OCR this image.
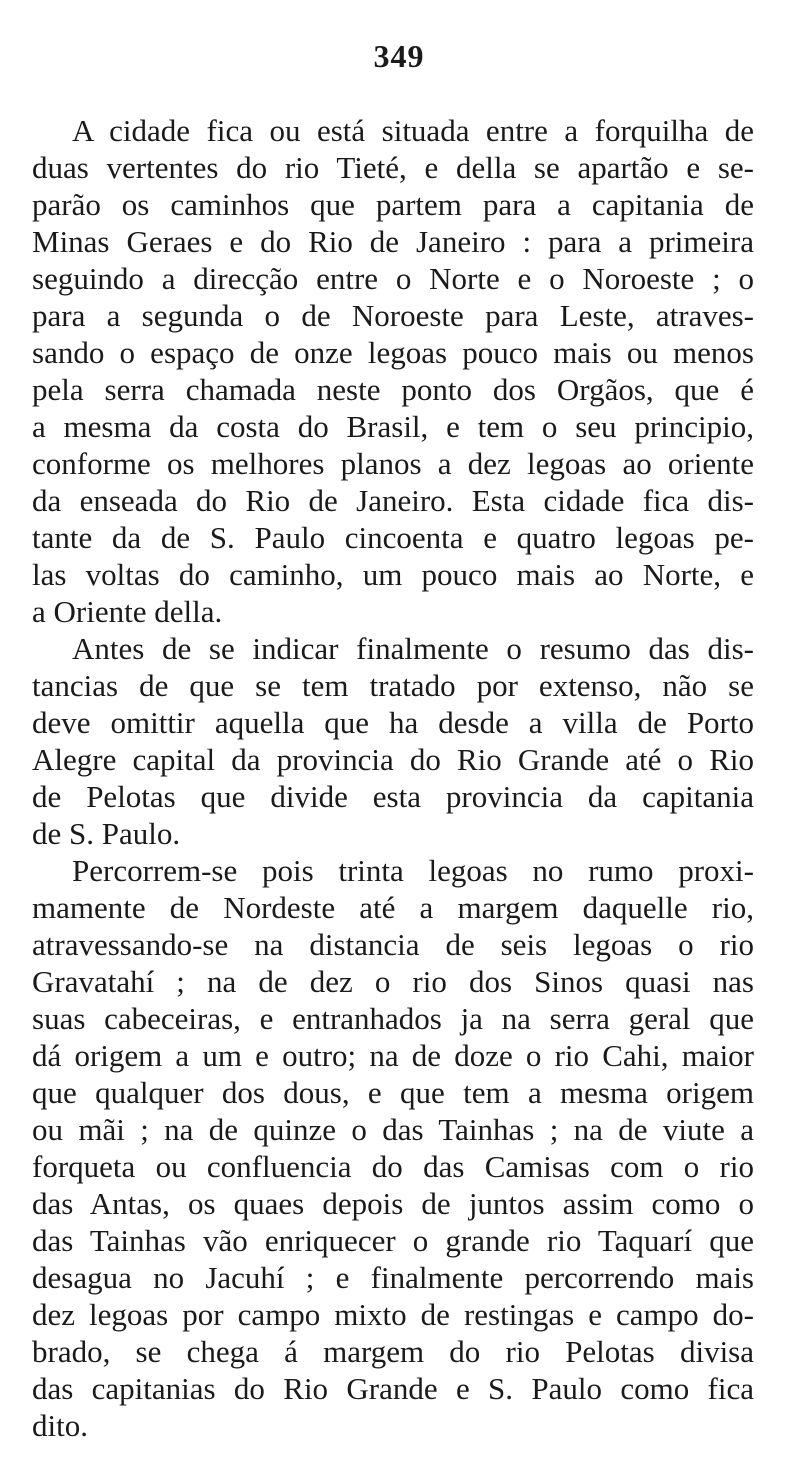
349
A cidade fica ou está situada entre a forquilha de
duas vertentes do rio Tieté, e della se apartão e se-
parão os caminhos que partem para a capitania de
Minas Geraes e do Rio de Janeiro : para a primeira
seguindo a direcção entre o Norte e o Noroeste ; o
para a segunda o de Noroeste para Leste, atraves-
sando o espaço de onze legoas pouco mais ou menos
pela serra chamada neste ponto dos Orgãos, que é
a mesma da costa do Brasil, e tem o seu principio,
conforme os melhores planos a dez legoas ao oriente
da enseada do Rio de Janeiro. Esta cidade fica dis-
tante da de S. Paulo cincoenta e quatro legoas pe-
las voltas do caminho, um pouco mais ao Norte, e
a Oriente della.
Antes de se indicar finalmente o resumo das dis-
tancias de que se tem tratado por extenso, não se
deve omittir aquella que ha desde a villa de Porto
Alegre capital da provincia do Rio Grande até o Rio
de Pelotas que divide esta provincia da capitania
de S. Paulo.
Percorrem-se pois trinta legoas no rumo proxi-
mamente de Nordeste até a margem daquelle rio,
atravessando-se na distancia de seis legoas o rio
Gravatahí ; na de dez o rio dos Sinos quasi nas
suas cabeceiras, e entranhados ja na serra geral que
dá origem a um e outro; na de doze o rio Cahi, maior
que qualquer dos dous, e que tem a mesma origem
ou mãi ; na de quinze o das Tainhas ; na de viute a
forqueta ou confluencia do das Camisas com o rio
das Antas, os quaes depois de juntos assim como o
das Tainhas vão enriquecer o grande rio Taquarí que
desagua no Jacuhí ; e finalmente percorrendo mais
dez legoas por campo mixto de restingas e campo do-
brado, se chega á margem do rio Pelotas divisa
das capitanias do Rio Grande e S. Paulo como fica
dito.
